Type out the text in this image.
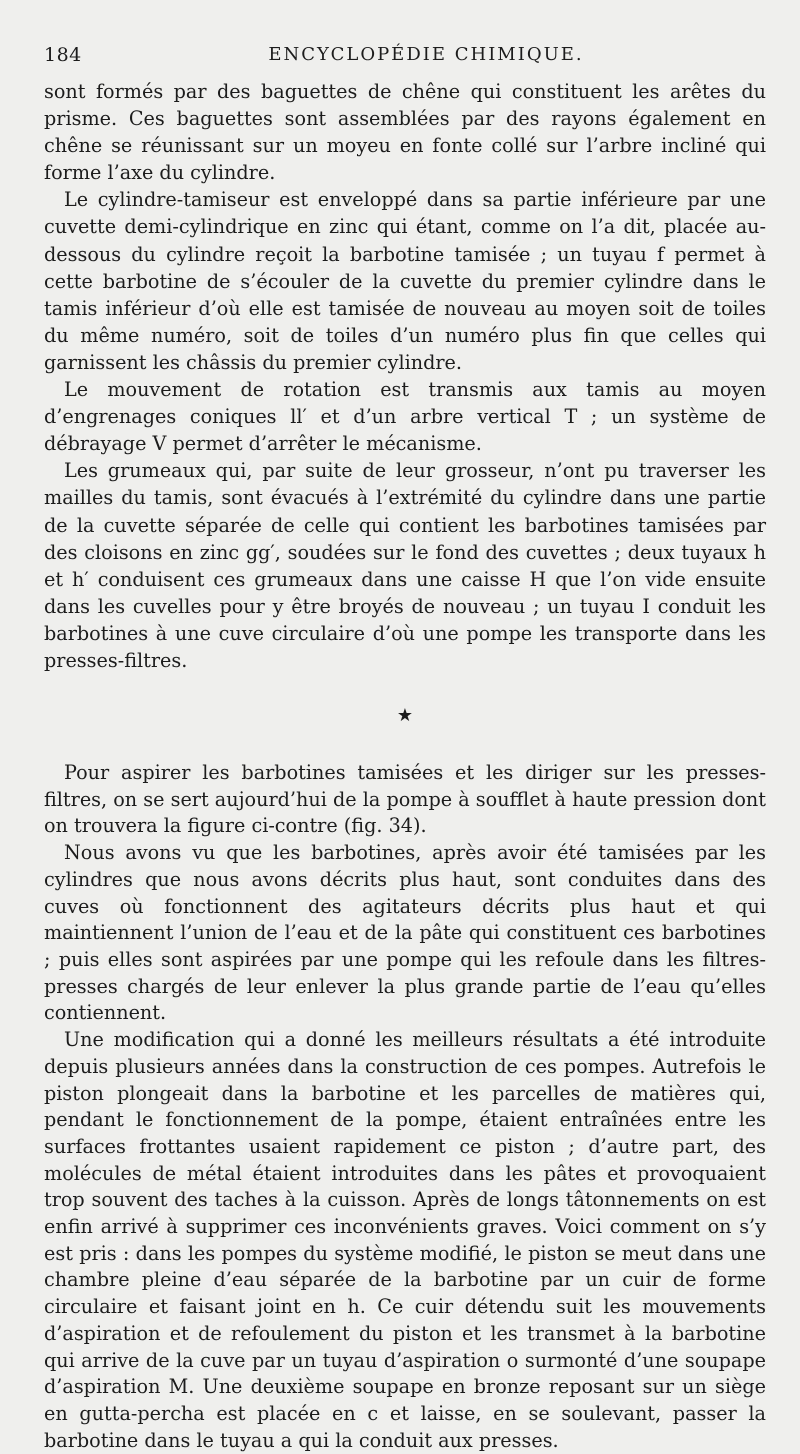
184	ENCYCLOPÉDIE CHIMIQUE.

sont formés par des baguettes de chêne qui constituent les arêtes du prisme. Ces baguettes sont assemblées par des rayons également en chêne se réunissant sur un moyeu en fonte collé sur l’arbre incliné qui forme l’axe du cylindre.

Le cylindre-tamiseur est enveloppé dans sa partie inférieure par une cuvette demi-cylindrique en zinc qui étant, comme on l’a dit, placée au-dessous du cylindre reçoit la barbotine tamisée ; un tuyau f permet à cette barbotine de s’écouler de la cuvette du premier cylindre dans le tamis inférieur d’où elle est tamisée de nouveau au moyen soit de toiles du même numéro, soit de toiles d’un numéro plus fin que celles qui garnissent les châssis du premier cylindre.

Le mouvement de rotation est transmis aux tamis au moyen d’engrenages coniques ll′ et d’un arbre vertical T ; un système de débrayage V permet d’arrêter le mécanisme.

Les grumeaux qui, par suite de leur grosseur, n’ont pu traverser les mailles du tamis, sont évacués à l’extrémité du cylindre dans une partie de la cuvette séparée de celle qui contient les barbotines tamisées par des cloisons en zinc gg′, soudées sur le fond des cuvettes ; deux tuyaux h et h′ conduisent ces grumeaux dans une caisse H que l’on vide ensuite dans les cuvelles pour y être broyés de nouveau ; un tuyau I conduit les barbotines à une cuve circulaire d’où une pompe les transporte dans les presses-filtres.

★

Pour aspirer les barbotines tamisées et les diriger sur les presses-filtres, on se sert aujourd’hui de la pompe à soufflet à haute pression dont on trouvera la figure ci-contre (fig. 34).

Nous avons vu que les barbotines, après avoir été tamisées par les cylindres que nous avons décrits plus haut, sont conduites dans des cuves où fonctionnent des agitateurs décrits plus haut et qui maintiennent l’union de l’eau et de la pâte qui constituent ces barbotines ; puis elles sont aspirées par une pompe qui les refoule dans les filtres-presses chargés de leur enlever la plus grande partie de l’eau qu’elles contiennent.

Une modification qui a donné les meilleurs résultats a été introduite depuis plusieurs années dans la construction de ces pompes. Autrefois le piston plongeait dans la barbotine et les parcelles de matières qui, pendant le fonctionnement de la pompe, étaient entraînées entre les surfaces frottantes usaient rapidement ce piston ; d’autre part, des molécules de métal étaient introduites dans les pâtes et provoquaient trop souvent des taches à la cuisson. Après de longs tâtonnements on est enfin arrivé à supprimer ces inconvénients graves. Voici comment on s’y est pris : dans les pompes du système modifié, le piston se meut dans une chambre pleine d’eau séparée de la barbotine par un cuir de forme circulaire et faisant joint en h. Ce cuir détendu suit les mouvements d’aspiration et de refoulement du piston et les transmet à la barbotine qui arrive de la cuve par un tuyau d’aspiration o surmonté d’une soupape d’aspiration M. Une deuxième soupape en bronze reposant sur un siège en gutta-percha est placée en c et laisse, en se soulevant, passer la barbotine dans le tuyau a qui la conduit aux presses.
